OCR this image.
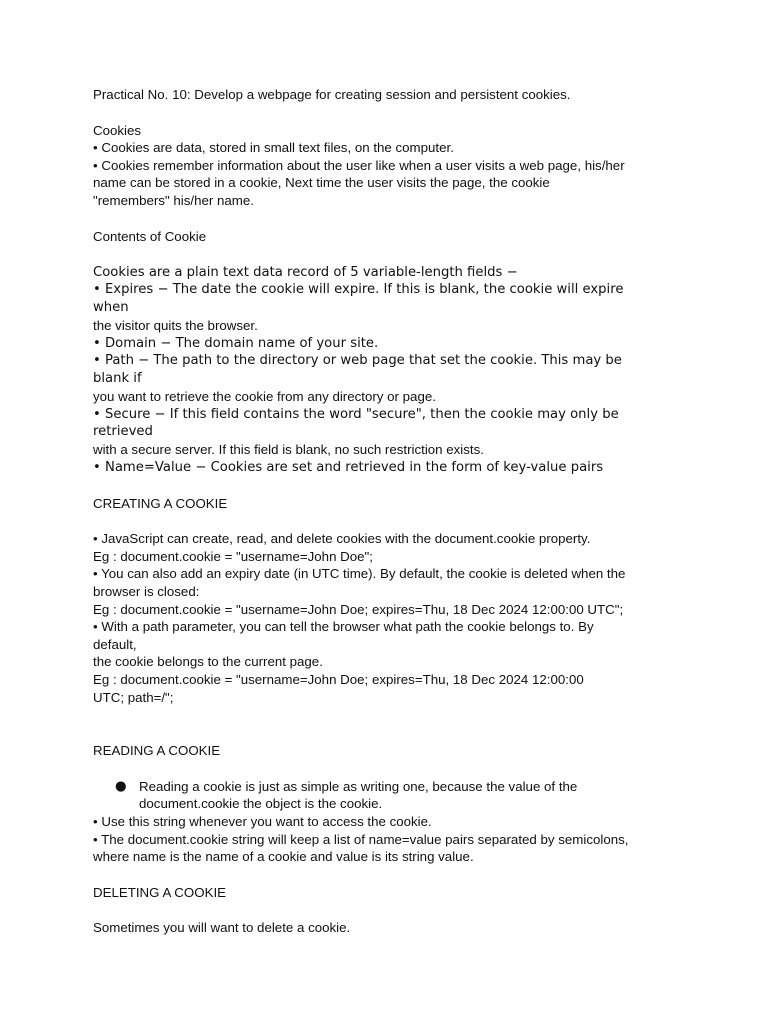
Practical No. 10: Develop a webpage for creating session and persistent cookies.
Cookies
• Cookies are data, stored in small text files, on the computer.
• Cookies remember information about the user like when a user visits a web page, his/her
name can be stored in a cookie, Next time the user visits the page, the cookie
"remembers" his/her name.
Contents of Cookie
Cookies are a plain text data record of 5 variable-length fields −
• Expires − The date the cookie will expire. If this is blank, the cookie will expire
when
the visitor quits the browser.
• Domain − The domain name of your site.
• Path − The path to the directory or web page that set the cookie. This may be
blank if
you want to retrieve the cookie from any directory or page.
• Secure − If this field contains the word "secure", then the cookie may only be
retrieved
with a secure server. If this field is blank, no such restriction exists.
• Name=Value − Cookies are set and retrieved in the form of key-value pairs
CREATING A COOKIE
• JavaScript can create, read, and delete cookies with the document.cookie property.
Eg : document.cookie = "username=John Doe";
• You can also add an expiry date (in UTC time). By default, the cookie is deleted when the
browser is closed:
Eg : document.cookie = "username=John Doe; expires=Thu, 18 Dec 2024 12:00:00 UTC";
• With a path parameter, you can tell the browser what path the cookie belongs to. By
default,
the cookie belongs to the current page.
Eg : document.cookie = "username=John Doe; expires=Thu, 18 Dec 2024 12:00:00
UTC; path=/";
READING A COOKIE
● Reading a cookie is just as simple as writing one, because the value of the
document.cookie the object is the cookie.
• Use this string whenever you want to access the cookie.
• The document.cookie string will keep a list of name=value pairs separated by semicolons,
where name is the name of a cookie and value is its string value.
DELETING A COOKIE
Sometimes you will want to delete a cookie.
